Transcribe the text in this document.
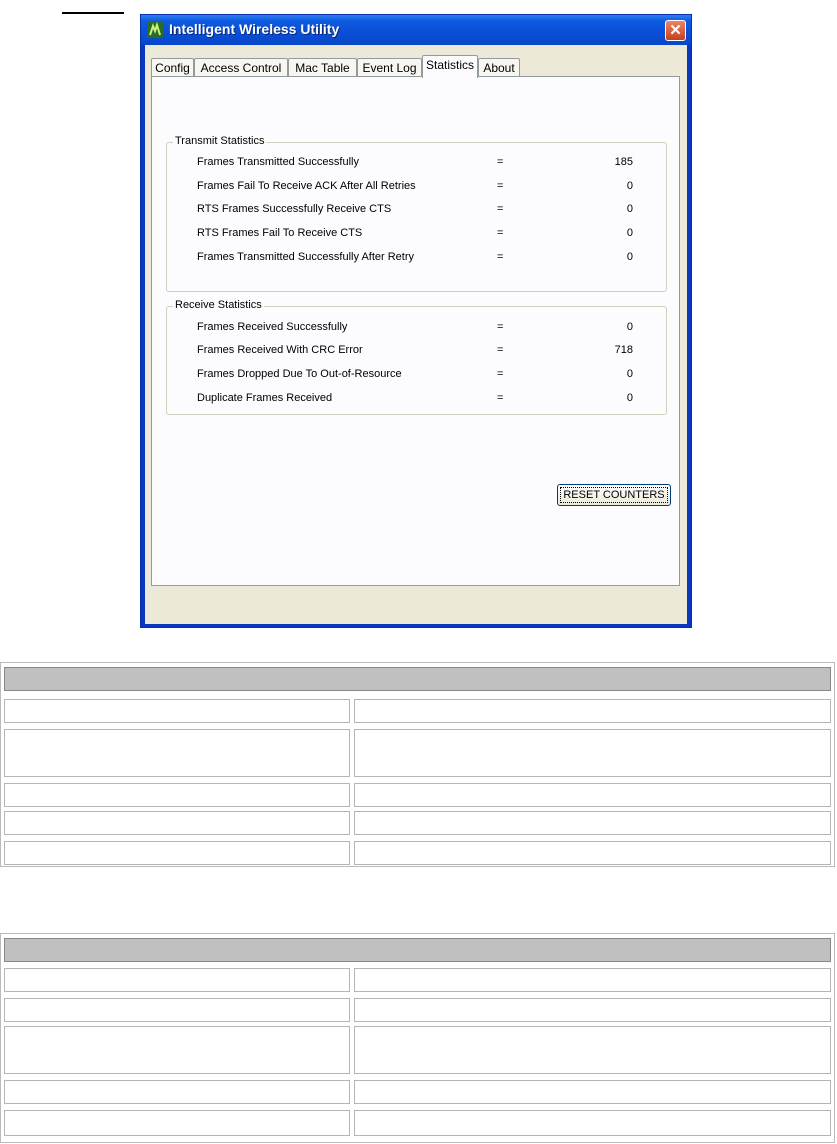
Intelligent Wireless Utility	✕
Config Access Control	Mac Table	Event Log Statistics About
Transmit Statistics
Frames Transmitted Successfully	=	185
Frames Fail To Receive ACK After All Retries	=	0
RTS Frames Successfully Receive CTS	=	0
RTS Frames Fail To Receive CTS	=	0
Frames Transmitted Successfully After Retry	=	0
Receive Statistics
Frames Received Successfully	=	0
Frames Received With CRC Error	=	718
Frames Dropped Due To Out-of-Resource	=	0
Duplicate Frames Received	=	0
RESET COUNTERS
